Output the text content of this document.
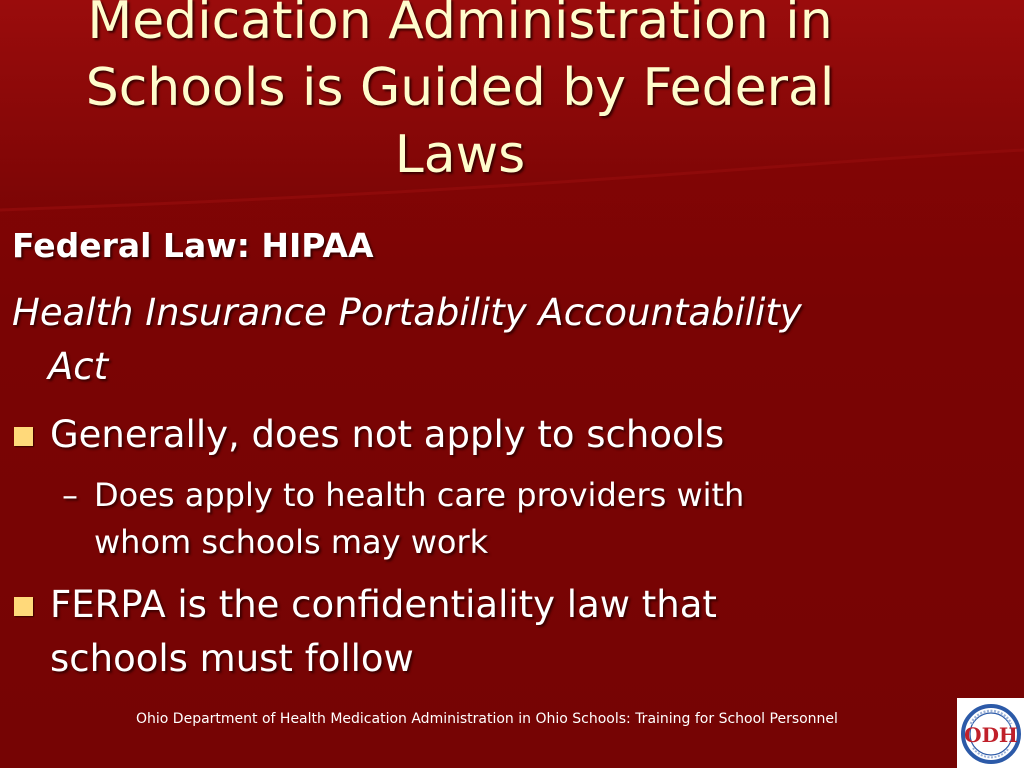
Medication Administration in
Schools is Guided by Federal
Laws
Federal Law: HIPAA
Health Insurance Portability Accountability
Act
Generally, does not apply to schools
– Does apply to health care providers with
whom schools may work
FERPA is the confidentiality law that
schools must follow
Ohio Department of Health Medication Administration in Ohio Schools: Training for School Personnel
ODH
